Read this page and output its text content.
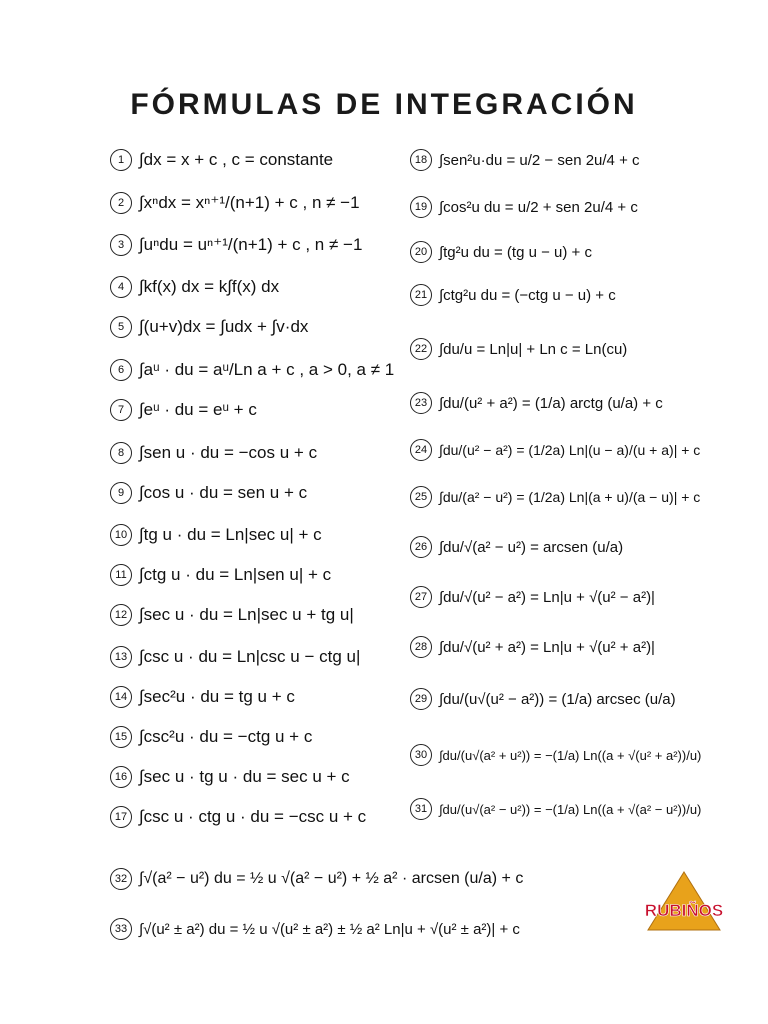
FÓRMULAS DE INTEGRACIÓN
1 ∫dx = x + c , c = constante
2 ∫xⁿdx = xⁿ⁺¹/(n+1) + c , n ≠ −1
3 ∫uⁿdu = uⁿ⁺¹/(n+1) + c , n ≠ −1
4 ∫kf(x) dx = k∫f(x) dx
5 ∫(u+v)dx = ∫udx + ∫v·dx
6 ∫aᵘ · du = aᵘ/Ln a + c , a > 0, a ≠ 1
7 ∫eᵘ · du = eᵘ + c
8 ∫sen u · du = −cos u + c
9 ∫cos u · du = sen u + c
10 ∫tg u · du = Ln|sec u| + c
11 ∫ctg u · du = Ln|sen u| + c
12 ∫sec u · du = Ln|sec u + tg u|
13 ∫csc u · du = Ln|csc u − ctg u|
14 ∫sec²u · du = tg u + c
15 ∫csc²u · du = −ctg u + c
16 ∫sec u · tg u · du = sec u + c
17 ∫csc u · ctg u · du = −csc u + c
18 ∫sen²u·du = u/2 − sen 2u/4 + c
19 ∫cos²u du = u/2 + sen 2u/4 + c
20 ∫tg²u du = (tg u − u) + c
21 ∫ctg²u du = (−ctg u − u) + c
22 ∫du/u = Ln|u| + Ln c = Ln(cu)
23 ∫du/(u² + a²) = (1/a) arctg (u/a) + c
24 ∫du/(u² − a²) = (1/2a) Ln|(u − a)/(u + a)| + c
25 ∫du/(a² − u²) = (1/2a) Ln|(a + u)/(a − u)| + c
26 ∫du/√(a² − u²) = arcsen (u/a)
27 ∫du/√(u² − a²) = Ln|u + √(u² − a²)|
28 ∫du/√(u² + a²) = Ln|u + √(u² + a²)|
29 ∫du/(u√(u² − a²)) = (1/a) arcsec (u/a)
30 ∫du/(u√(a² + u²)) = −(1/a) Ln((a + √(u² + a²))/u)
31 ∫du/(u√(a² − u²)) = −(1/a) Ln((a + √(a² − u²))/u)
32 ∫√(a² − u²) du = ½ u √(a² − u²) + ½ a² · arcsen (u/a) + c
33 ∫√(u² ± a²) du = ½ u √(u² ± a²) ± ½ a² Ln|u + √(u² ± a²)| + c
RUBIÑOS
